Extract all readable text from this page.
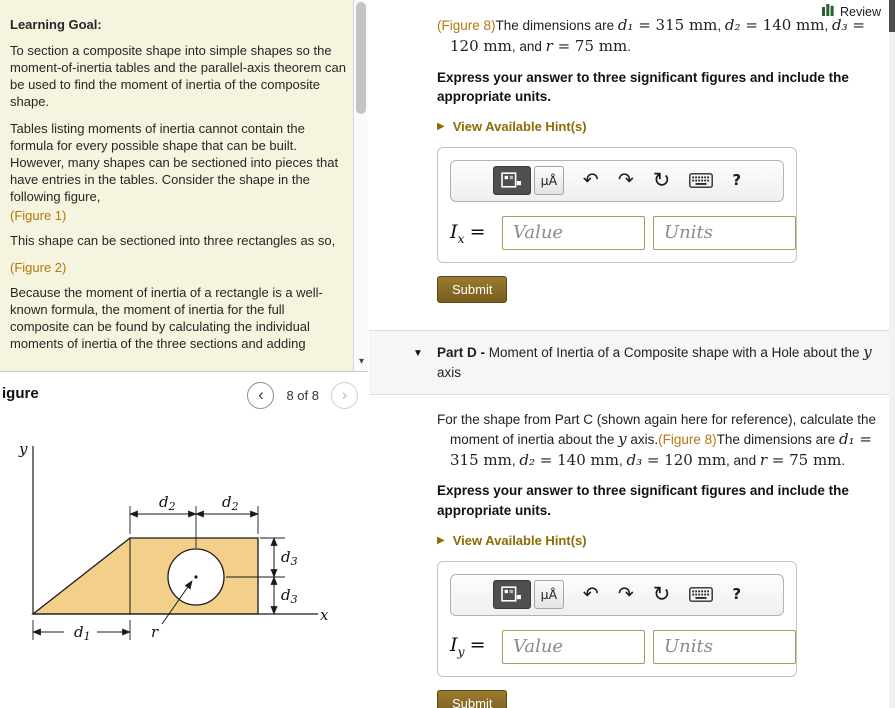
Learning Goal:

To section a composite shape into simple shapes so the moment-of-inertia tables and the parallel-axis theorem can be used to find the moment of inertia of the composite shape.

Tables listing moments of inertia cannot contain the formula for every possible shape that can be built. However, many shapes can be sectioned into pieces that have entries in the tables. Consider the shape in the following figure,

(Figure 1)

This shape can be sectioned into three rectangles as so,

(Figure 2)

Because the moment of inertia of a rectangle is a well-known formula, the moment of inertia for the full composite can be found by calculating the individual moments of inertia of the three sections and adding

▾
igure	‹ 8 of 8 ›
y
x
r
$d_2$	$d_2$
$d_3$
$d_3$
$d_1$
Review

(Figure 8)The dimensions are d₁ = 315 mm, d₂ = 140 mm, d₃ = 120 mm, and r = 75 mm.

Express your answer to three significant figures and include the appropriate units.

▶ View Available Hint(s)
μÅ	↶ ↷ ↻	?
$I_x$ =
Value
Units
Submit
▼ Part D - Moment of Inertia of a Composite shape with a Hole about the y axis

For the shape from Part C (shown again here for reference), calculate the moment of inertia about the y axis.(Figure 8)The dimensions are d₁ = 315 mm, d₂ = 140 mm, d₃ = 120 mm, and r = 75 mm.

Express your answer to three significant figures and include the appropriate units.

▶ View Available Hint(s)
μÅ	↶ ↷ ↻	?
$I_y$ =
Value
Units
Submit
